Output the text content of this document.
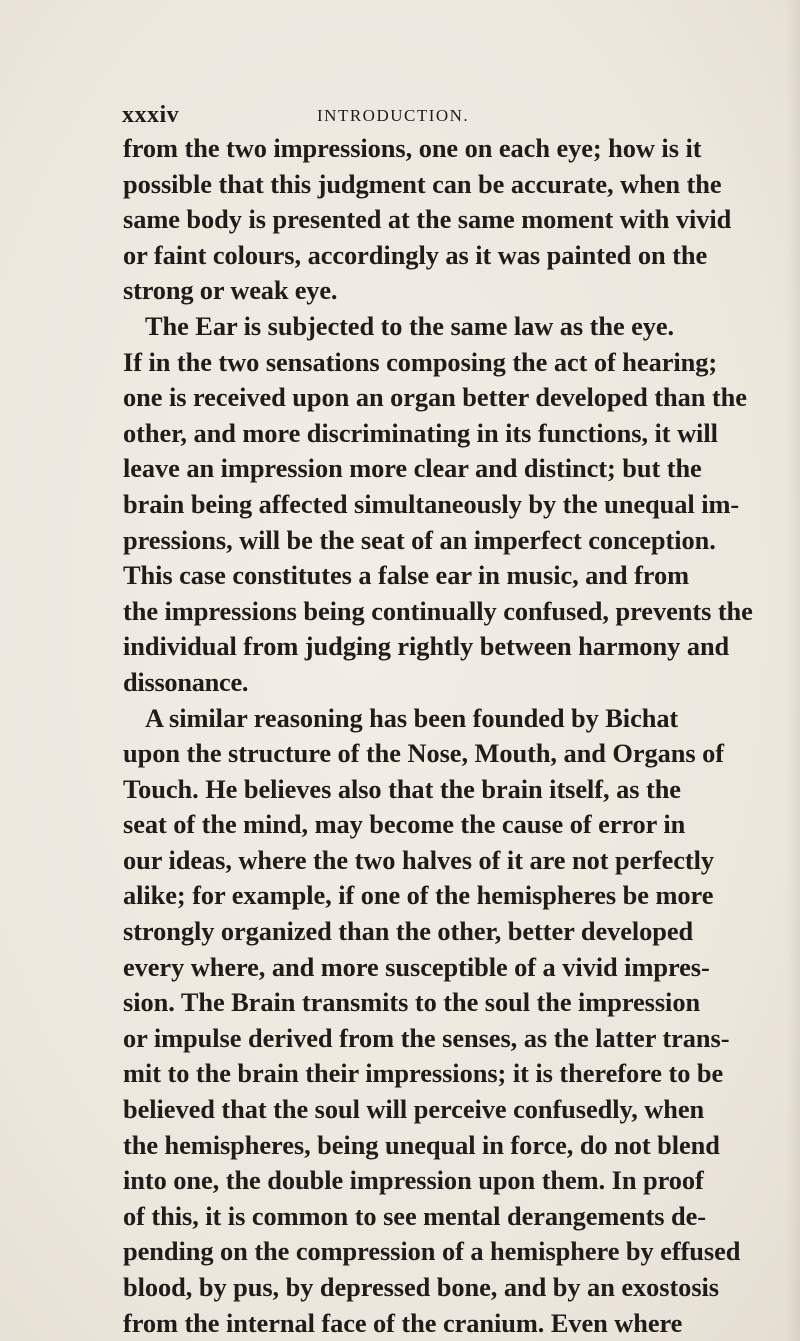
xxxiv	INTRODUCTION.
from the two impressions, one on each eye; how is it
possible that this judgment can be accurate, when the
same body is presented at the same moment with vivid
or faint colours, accordingly as it was painted on the
strong or weak eye.
The Ear is subjected to the same law as the eye.
If in the two sensations composing the act of hearing;
one is received upon an organ better developed than the
other, and more discriminating in its functions, it will
leave an impression more clear and distinct; but the
brain being affected simultaneously by the unequal im-
pressions, will be the seat of an imperfect conception.
This case constitutes a false ear in music, and from
the impressions being continually confused, prevents the
individual from judging rightly between harmony and
dissonance.
A similar reasoning has been founded by Bichat
upon the structure of the Nose, Mouth, and Organs of
Touch. He believes also that the brain itself, as the
seat of the mind, may become the cause of error in
our ideas, where the two halves of it are not perfectly
alike; for example, if one of the hemispheres be more
strongly organized than the other, better developed
every where, and more susceptible of a vivid impres-
sion. The Brain transmits to the soul the impression
or impulse derived from the senses, as the latter trans-
mit to the brain their impressions; it is therefore to be
believed that the soul will perceive confusedly, when
the hemispheres, being unequal in force, do not blend
into one, the double impression upon them. In proof
of this, it is common to see mental derangements de-
pending on the compression of a hemisphere by effused
blood, by pus, by depressed bone, and by an exostosis
from the internal face of the cranium. Even where
